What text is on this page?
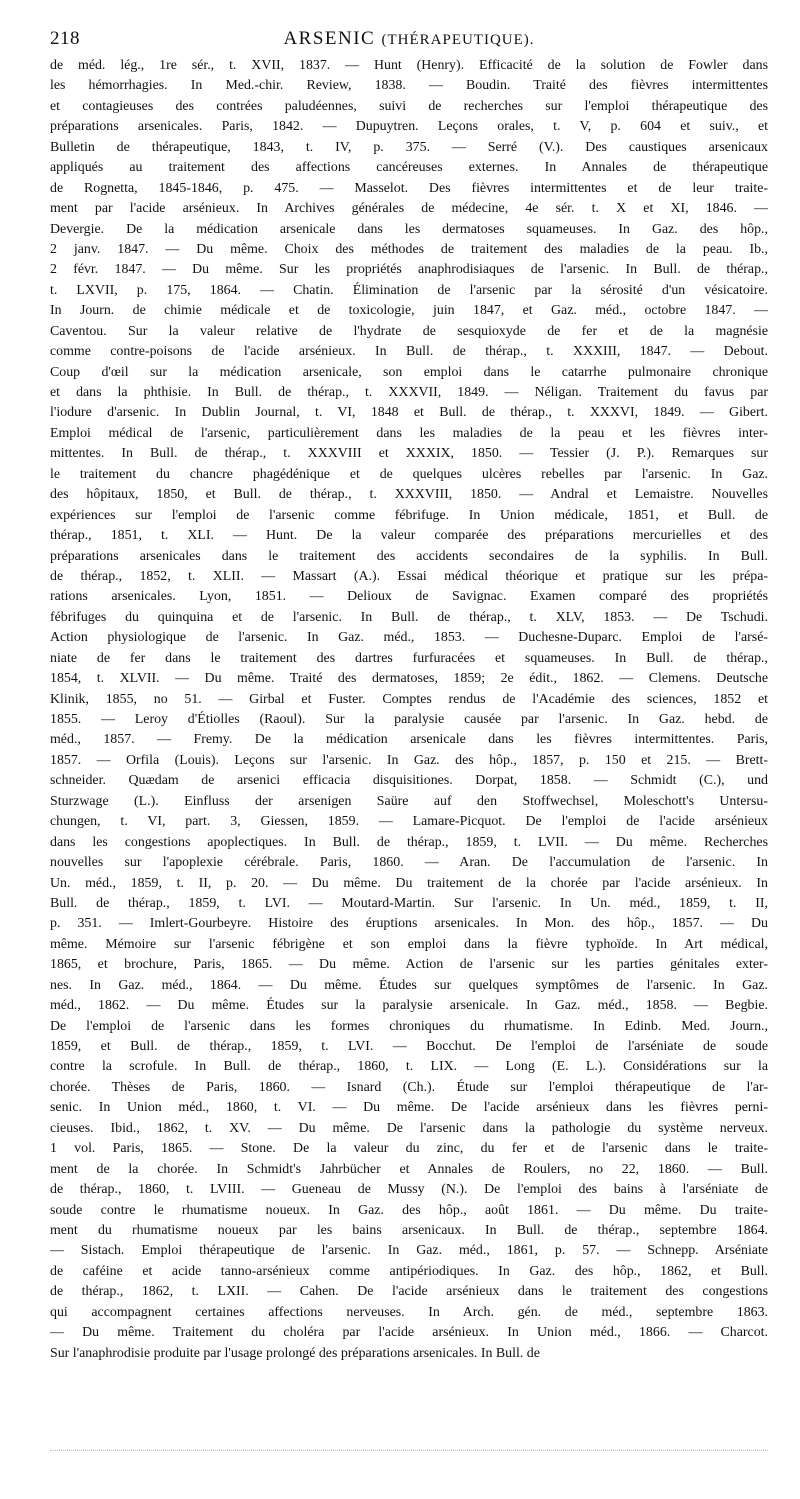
218	ARSENIC (THÉRAPEUTIQUE).
de méd. lég., 1re sér., t. XVII, 1837. — Hunt (Henry). Efficacité de la solution de Fowler dans
les hémorrhagies. In Med.-chir. Review, 1838. — Boudin. Traité des fièvres intermittentes
et contagieuses des contrées paludéennes, suivi de recherches sur l'emploi thérapeutique des
préparations arsenicales. Paris, 1842. — Dupuytren. Leçons orales, t. V, p. 604 et suiv., et
Bulletin de thérapeutique, 1843, t. IV, p. 375. — Serré (V.). Des caustiques arsenicaux
appliqués au traitement des affections cancéreuses externes. In Annales de thérapeutique
de Rognetta, 1845-1846, p. 475. — Masselot. Des fièvres intermittentes et de leur traite-
ment par l'acide arsénieux. In Archives générales de médecine, 4e sér. t. X et XI, 1846. —
Devergie. De la médication arsenicale dans les dermatoses squameuses. In Gaz. des hôp.,
2 janv. 1847. — Du même. Choix des méthodes de traitement des maladies de la peau. Ib.,
2 févr. 1847. — Du même. Sur les propriétés anaphrodisiaques de l'arsenic. In Bull. de thérap.,
t. LXVII, p. 175, 1864. — Chatin. Élimination de l'arsenic par la sérosité d'un vésicatoire.
In Journ. de chimie médicale et de toxicologie, juin 1847, et Gaz. méd., octobre 1847. —
Caventou. Sur la valeur relative de l'hydrate de sesquioxyde de fer et de la magnésie
comme contre-poisons de l'acide arsénieux. In Bull. de thérap., t. XXXIII, 1847. — Debout.
Coup d'œil sur la médication arsenicale, son emploi dans le catarrhe pulmonaire chronique
et dans la phthisie. In Bull. de thérap., t. XXXVII, 1849. — Néligan. Traitement du favus par
l'iodure d'arsenic. In Dublin Journal, t. VI, 1848 et Bull. de thérap., t. XXXVI, 1849. — Gibert.
Emploi médical de l'arsenic, particulièrement dans les maladies de la peau et les fièvres inter-
mittentes. In Bull. de thérap., t. XXXVIII et XXXIX, 1850. — Tessier (J. P.). Remarques sur
le traitement du chancre phagédénique et de quelques ulcères rebelles par l'arsenic. In Gaz.
des hôpitaux, 1850, et Bull. de thérap., t. XXXVIII, 1850. — Andral et Lemaistre. Nouvelles
expériences sur l'emploi de l'arsenic comme fébrifuge. In Union médicale, 1851, et Bull. de
thérap., 1851, t. XLI. — Hunt. De la valeur comparée des préparations mercurielles et des
préparations arsenicales dans le traitement des accidents secondaires de la syphilis. In Bull.
de thérap., 1852, t. XLII. — Massart (A.). Essai médical théorique et pratique sur les prépa-
rations arsenicales. Lyon, 1851. — Delioux de Savignac. Examen comparé des propriétés
fébrifuges du quinquina et de l'arsenic. In Bull. de thérap., t. XLV, 1853. — De Tschudi.
Action physiologique de l'arsenic. In Gaz. méd., 1853. — Duchesne-Duparc. Emploi de l'arsé-
niate de fer dans le traitement des dartres furfuracées et squameuses. In Bull. de thérap.,
1854, t. XLVII. — Du même. Traité des dermatoses, 1859; 2e édit., 1862. — Clemens. Deutsche
Klinik, 1855, no 51. — Girbal et Fuster. Comptes rendus de l'Académie des sciences, 1852 et
1855. — Leroy d'Étiolles (Raoul). Sur la paralysie causée par l'arsenic. In Gaz. hebd. de
méd., 1857. — Fremy. De la médication arsenicale dans les fièvres intermittentes. Paris,
1857. — Orfila (Louis). Leçons sur l'arsenic. In Gaz. des hôp., 1857, p. 150 et 215. — Brett-
schneider. Quædam de arsenici efficacia disquisitiones. Dorpat, 1858. — Schmidt (C.), und
Sturzwage (L.). Einfluss der arsenigen Saüre auf den Stoffwechsel, Moleschott's Untersu-
chungen, t. VI, part. 3, Giessen, 1859. — Lamare-Picquot. De l'emploi de l'acide arsénieux
dans les congestions apoplectiques. In Bull. de thérap., 1859, t. LVII. — Du même. Recherches
nouvelles sur l'apoplexie cérébrale. Paris, 1860. — Aran. De l'accumulation de l'arsenic. In
Un. méd., 1859, t. II, p. 20. — Du même. Du traitement de la chorée par l'acide arsénieux. In
Bull. de thérap., 1859, t. LVI. — Moutard-Martin. Sur l'arsenic. In Un. méd., 1859, t. II,
p. 351. — Imlert-Gourbeyre. Histoire des éruptions arsenicales. In Mon. des hôp., 1857. — Du
même. Mémoire sur l'arsenic fébrigène et son emploi dans la fièvre typhoïde. In Art médical,
1865, et brochure, Paris, 1865. — Du même. Action de l'arsenic sur les parties génitales exter-
nes. In Gaz. méd., 1864. — Du même. Études sur quelques symptômes de l'arsenic. In Gaz.
méd., 1862. — Du même. Études sur la paralysie arsenicale. In Gaz. méd., 1858. — Begbie.
De l'emploi de l'arsenic dans les formes chroniques du rhumatisme. In Edinb. Med. Journ.,
1859, et Bull. de thérap., 1859, t. LVI. — Bocchut. De l'emploi de l'arséniate de soude
contre la scrofule. In Bull. de thérap., 1860, t. LIX. — Long (E. L.). Considérations sur la
chorée. Thèses de Paris, 1860. — Isnard (Ch.). Étude sur l'emploi thérapeutique de l'ar-
senic. In Union méd., 1860, t. VI. — Du même. De l'acide arsénieux dans les fièvres perni-
cieuses. Ibid., 1862, t. XV. — Du même. De l'arsenic dans la pathologie du système nerveux.
1 vol. Paris, 1865. — Stone. De la valeur du zinc, du fer et de l'arsenic dans le traite-
ment de la chorée. In Schmidt's Jahrbücher et Annales de Roulers, no 22, 1860. — Bull.
de thérap., 1860, t. LVIII. — Gueneau de Mussy (N.). De l'emploi des bains à l'arséniate de
soude contre le rhumatisme noueux. In Gaz. des hôp., août 1861. — Du même. Du traite-
ment du rhumatisme noueux par les bains arsenicaux. In Bull. de thérap., septembre 1864.
— Sistach. Emploi thérapeutique de l'arsenic. In Gaz. méd., 1861, p. 57. — Schnepp. Arséniate
de caféine et acide tanno-arsénieux comme antipériodiques. In Gaz. des hôp., 1862, et Bull.
de thérap., 1862, t. LXII. — Cahen. De l'acide arsénieux dans le traitement des congestions
qui accompagnent certaines affections nerveuses. In Arch. gén. de méd., septembre 1863.
— Du même. Traitement du choléra par l'acide arsénieux. In Union méd., 1866. — Charcot.
Sur l'anaphrodisie produite par l'usage prolongé des préparations arsenicales. In Bull. de
